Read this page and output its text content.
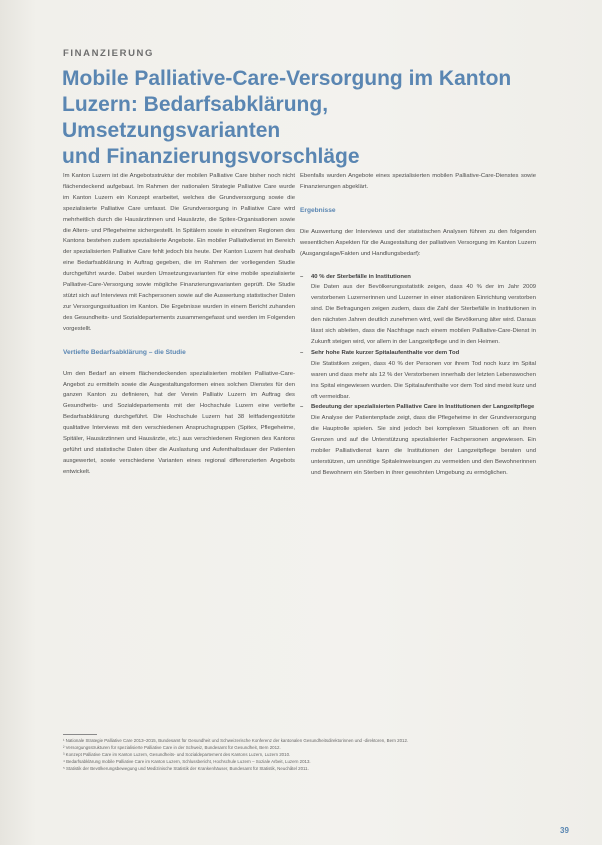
FINANZIERUNG
Mobile Palliative-Care-Versorgung im Kanton
Luzern: Bedarfsabklärung, Umsetzungsvarianten
und Finanzierungsvorschläge

Im Kanton Luzern ist die Angebotsstruktur der mobilen Palliative Care bisher noch nicht flächendeckend aufgebaut. Im Rahmen der nationalen Strategie Palliative Care wurde im Kanton Luzern ein Konzept erarbeitet, welches die Grundversorgung sowie die spezialisierte Palliative Care umfasst. Die Grundversorgung in Palliative Care wird mehrheitlich durch die Hausärztinnen und Hausärzte, die Spitex-Organisationen sowie die Alters- und Pflegeheime sichergestellt. In Spitälern sowie in einzelnen Regionen des Kantons bestehen zudem spezialisierte Angebote. Ein mobiler Palliativdienst im Bereich der spezialisierten Palliative Care fehlt jedoch bis heute. Der Kanton Luzern hat deshalb eine Bedarfsabklärung in Auftrag gegeben, die im Rahmen der vorliegenden Studie durchgeführt wurde. Dabei wurden Umsetzungsvarianten für eine mobile spezialisierte Palliative-Care-Versorgung sowie mögliche Finanzierungsvarianten geprüft. Die Studie stützt sich auf Interviews mit Fachpersonen sowie auf die Auswertung statistischer Daten zur Versorgungssituation im Kanton. Die Ergebnisse wurden in einem Bericht zuhanden des Gesundheits- und Sozialdepartements zusammengefasst und werden im Folgenden vorgestellt.

Vertiefte Bedarfsabklärung – die Studie

Um den Bedarf an einem flächendeckenden spezialisierten mobilen Palliative-Care-Angebot zu ermitteln sowie die Ausgestaltungsformen eines solchen Dienstes für den ganzen Kanton zu definieren, hat der Verein Palliativ Luzern im Auftrag des Gesundheits- und Sozialdepartements mit der Hochschule Luzern eine vertiefte Bedarfsabklärung durchgeführt. Die Hochschule Luzern hat 38 leitfadengestützte qualitative Interviews mit den verschiedenen Anspruchsgruppen (Spitex, Pflegeheime, Spitäler, Hausärztinnen und Hausärzte, etc.) aus verschiedenen Regionen des Kantons geführt und statistische Daten über die Auslastung und Aufenthaltsdauer der Patienten ausgewertet, sowie verschiedene Varianten eines regional differenzierten Angebots entwickelt.

Ebenfalls wurden Angebote eines spezialisierten mobilen Palliative-Care-Dienstes sowie Finanzierungen abgeklärt.

Ergebnisse

Die Auswertung der Interviews und der statistischen Analysen führen zu den folgenden wesentlichen Aspekten für die Ausgestaltung der palliativen Versorgung im Kanton Luzern (Ausgangslage/Fakten und Handlungsbedarf):

– 40 % der Sterbefälle in Institutionen
Die Daten aus der Bevölkerungsstatistik zeigen, dass 40 % der im Jahr 2009 verstorbenen Luzernerinnen und Luzerner in einer stationären Einrichtung verstorben sind. Die Befragungen zeigen zudem, dass die Zahl der Sterbefälle in Institutionen in den nächsten Jahren deutlich zunehmen wird, weil die Bevölkerung älter wird. Daraus lässt sich ableiten, dass die Nachfrage nach einem mobilen Palliative-Care-Dienst in Zukunft steigen wird, vor allem in der Langzeitpflege und in den Heimen.
– Sehr hohe Rate kurzer Spitalaufenthalte vor dem Tod
Die Statistiken zeigen, dass 40 % der Personen vor ihrem Tod noch kurz im Spital waren und dass mehr als 12 % der Verstorbenen innerhalb der letzten Lebenswochen ins Spital eingewiesen wurden. Die Spitalaufenthalte vor dem Tod sind meist kurz und oft vermeidbar.
– Bedeutung der spezialisierten Palliative Care in Institutionen der Langzeitpflege
Die Analyse der Patientenpfade zeigt, dass die Pflegeheime in der Grundversorgung die Hauptrolle spielen. Sie sind jedoch bei komplexen Situationen oft an ihren Grenzen und auf die Unterstützung spezialisierter Fachpersonen angewiesen. Ein mobiler Palliativdienst kann die Institutionen der Langzeitpflege beraten und unterstützen, um unnötige Spitaleinweisungen zu vermeiden und den Bewohnerinnen und Bewohnern ein Sterben in ihrer gewohnten Umgebung zu ermöglichen.
¹ Nationale Strategie Palliative Care 2013–2015, Bundesamt für Gesundheit und Schweizerische Konferenz der kantonalen Gesundheitsdirektorinnen und -direktoren, Bern 2012.
² Versorgungsstrukturen für spezialisierte Palliative Care in der Schweiz, Bundesamt für Gesundheit, Bern 2012.
³ Konzept Palliative Care im Kanton Luzern, Gesundheits- und Sozialdepartement des Kantons Luzern, Luzern 2010.
⁴ Bedarfsabklärung mobile Palliative Care im Kanton Luzern, Schlussbericht, Hochschule Luzern – Soziale Arbeit, Luzern 2013.
⁵ Statistik der Bevölkerungsbewegung und Medizinische Statistik der Krankenhäuser, Bundesamt für Statistik, Neuchâtel 2011.
39
